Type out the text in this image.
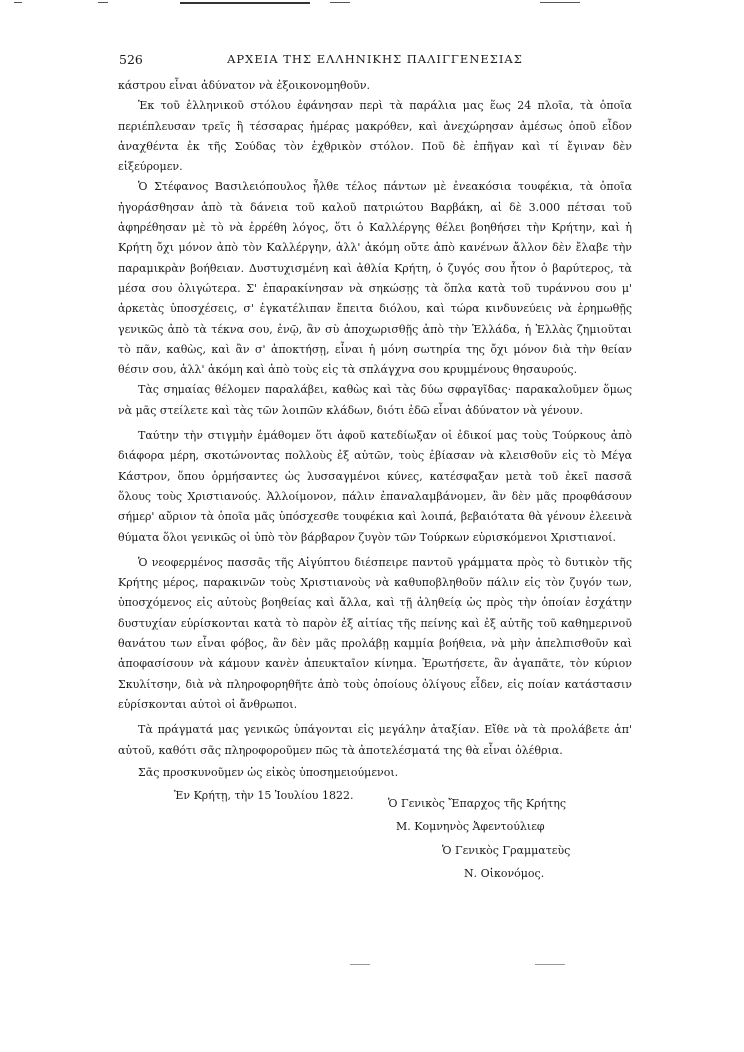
526	ΑΡΧΕΙΑ ΤΗΣ ΕΛΛΗΝΙΚΗΣ ΠΑΛΙΓΓΕΝΕΣΙΑΣ

κάστρου εἶναι ἀδύνατον νὰ ἐξοικονομηθοῦν.

Ἐκ τοῦ ἑλληνικοῦ στόλου ἐφάνησαν περὶ τὰ παράλια μας ἕως 24 πλοῖα, τὰ ὁποῖα περιέπλευσαν τρεῖς ἢ τέσσαρας ἡμέρας μακρόθεν, καὶ ἀνεχώρησαν ἀμέσως ὁποῦ εἶδον ἀναχθέντα ἐκ τῆς Σούδας τὸν ἐχθρικὸν στόλον. Ποῦ δὲ ἐπῆγαν καὶ τί ἔγιναν δὲν εἰξεύρομεν.

Ὁ Στέφανος Βασιλειόπουλος ἦλθε τέλος πάντων μὲ ἐνεακόσια τουφέκια, τὰ ὁποῖα ἠγοράσθησαν ἀπὸ τὰ δάνεια τοῦ καλοῦ πατριώτου Βαρβάκη, αἱ δὲ 3.000 πέτσαι τοῦ ἀφηρέθησαν μὲ τὸ νὰ ἐρρέθη λόγος, ὅτι ὁ Καλλέργης θέλει βοηθήσει τὴν Κρήτην, καὶ ἡ Κρήτη ὄχι μόνον ἀπὸ τὸν Καλλέργην, ἀλλ' ἀκόμη οὔτε ἀπὸ κανένων ἄλλον δὲν ἔλαβε τὴν παραμικρὰν βοήθειαν. Δυστυχισμένη καὶ ἀθλία Κρήτη, ὁ ζυγός σου ἦτον ὁ βαρύτερος, τὰ μέσα σου ὀλιγώτερα. Σ' ἐπαρακίνησαν νὰ σηκώσῃς τὰ ὅπλα κατὰ τοῦ τυράννου σου μ' ἀρκετὰς ὑποσχέσεις, σ' ἐγκατέλιπαν ἔπειτα διόλου, καὶ τώρα κινδυνεύεις νὰ ἐρημωθῇς γενικῶς ἀπὸ τὰ τέκνα σου, ἐνῷ, ἂν σὺ ἀποχωρισθῇς ἀπὸ τὴν Ἑλλάδα, ἡ Ἑλλὰς ζημιοῦται τὸ πᾶν, καθὼς, καὶ ἂν σ' ἀποκτήσῃ, εἶναι ἡ μόνη σωτηρία της ὄχι μόνον διὰ τὴν θείαν θέσιν σου, ἀλλ' ἀκόμη καὶ ἀπὸ τοὺς εἰς τὰ σπλάγχνα σου κρυμμένους θησαυρούς.

Τὰς σημαίας θέλομεν παραλάβει, καθὼς καὶ τὰς δύω σφραγῖδας· παρακαλοῦμεν ὅμως νὰ μᾶς στείλετε καὶ τὰς τῶν λοιπῶν κλάδων, διότι ἐδῶ εἶναι ἀδύνατον νὰ γένουν.

Ταύτην τὴν στιγμὴν ἐμάθομεν ὅτι ἀφοῦ κατεδίωξαν οἱ ἐδικοί μας τοὺς Τούρκους ἀπὸ διάφορα μέρη, σκοτώνοντας πολλοὺς ἐξ αὐτῶν, τοὺς ἐβίασαν νὰ κλεισθοῦν εἰς τὸ Μέγα Κάστρον, ὅπου ὁρμήσαντες ὡς λυσσαγμένοι κύνες, κατέσφαξαν μετὰ τοῦ ἐκεῖ πασσᾶ ὅλους τοὺς Χριστιανούς. Ἀλλοίμονον, πάλιν ἐπαναλαμβάνομεν, ἂν δὲν μᾶς προφθάσουν σήμερ' αὔριον τὰ ὁποῖα μᾶς ὑπόσχεσθε τουφέκια καὶ λοιπά, βεβαιότατα θὰ γένουν ἐλεεινὰ θύματα ὅλοι γενικῶς οἱ ὑπὸ τὸν βάρβαρον ζυγὸν τῶν Τούρκων εὑρισκόμενοι Χριστιανοί.

Ὁ νεοφερμένος πασσᾶς τῆς Αἰγύπτου διέσπειρε παντοῦ γράμματα πρὸς τὸ δυτικὸν τῆς Κρήτης μέρος, παρακινῶν τοὺς Χριστιανοὺς νὰ καθυποβληθοῦν πάλιν εἰς τὸν ζυγόν των, ὑποσχόμενος εἰς αὐτοὺς βοηθείας καὶ ἄλλα, καὶ τῇ ἀληθείᾳ ὡς πρὸς τὴν ὁποίαν ἐσχάτην δυστυχίαν εὑρίσκονται κατὰ τὸ παρὸν ἐξ αἰτίας τῆς πείνης καὶ ἐξ αὐτῆς τοῦ καθημερινοῦ θανάτου των εἶναι φόβος, ἂν δὲν μᾶς προλάβῃ καμμία βοήθεια, νὰ μὴν ἀπελπισθοῦν καὶ ἀποφασίσουν νὰ κάμουν κανὲν ἀπευκταῖον κίνημα. Ἐρωτήσετε, ἂν ἀγαπᾶτε, τὸν κύριον Σκυλίτσην, διὰ νὰ πληροφορηθῆτε ἀπὸ τοὺς ὁποίους ὀλίγους εἶδεν, εἰς ποίαν κατάστασιν εὑρίσκονται αὐτοὶ οἱ ἄνθρωποι.

Τὰ πράγματά μας γενικῶς ὑπάγονται εἰς μεγάλην ἀταξίαν. Εἴθε νὰ τὰ προλάβετε ἀπ' αὐτοῦ, καθότι σᾶς πληροφοροῦμεν πῶς τὰ ἀποτελέσματά της θὰ εἶναι ὀλέθρια.

Σᾶς προσκυνοῦμεν ὡς εἰκὸς ὑποσημειούμενοι.

Ἐν Κρήτῃ, τὴν 15 Ἰουλίου 1822.

Ὁ Γενικὸς Ἔπαρχος τῆς Κρήτης
Μ. Κομνηνὸς Ἀφεντούλιεφ
Ὁ Γενικὸς Γραμματεὺς
Ν. Οἰκονόμος.
